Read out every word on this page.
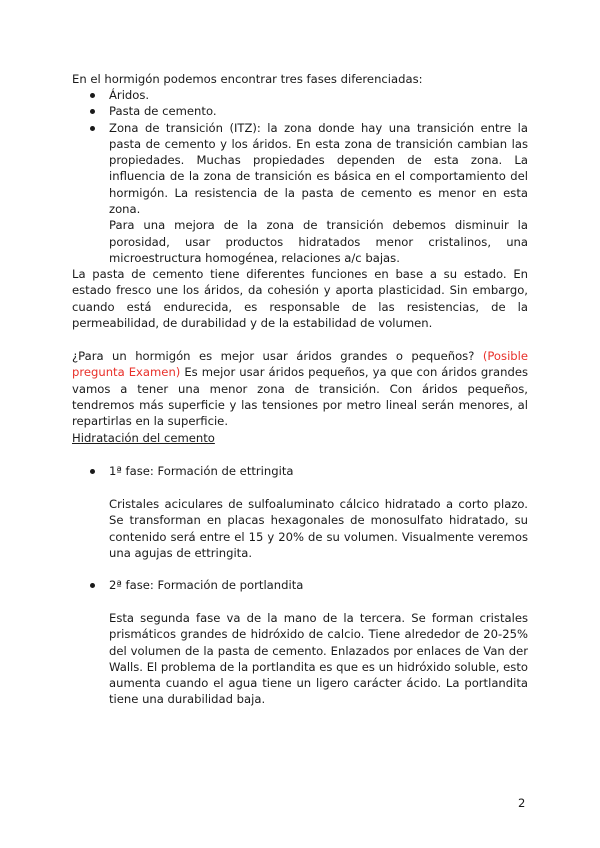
En el hormigón podemos encontrar tres fases diferenciadas:

Áridos.
Pasta de cemento.
Zona de transición (ITZ): la zona donde hay una transición entre la pasta de cemento y los áridos. En esta zona de transición cambian las propiedades. Muchas propiedades dependen de esta zona. La influencia de la zona de transición es básica en el comportamiento del hormigón. La resistencia de la pasta de cemento es menor en esta zona.
Para una mejora de la zona de transición debemos disminuir la porosidad, usar productos hidratados menor cristalinos, una microestructura homogénea, relaciones a/c bajas.

La pasta de cemento tiene diferentes funciones en base a su estado. En estado fresco une los áridos, da cohesión y aporta plasticidad. Sin embargo, cuando está endurecida, es responsable de las resistencias, de la permeabilidad, de durabilidad y de la estabilidad de volumen.

¿Para un hormigón es mejor usar áridos grandes o pequeños? (Posible pregunta Examen) Es mejor usar áridos pequeños, ya que con áridos grandes vamos a tener una menor zona de transición. Con áridos pequeños, tendremos más superficie y las tensiones por metro lineal serán menores, al repartirlas en la superficie.

Hidratación del cemento
1ª fase: Formación de ettringita

Cristales aciculares de sulfoaluminato cálcico hidratado a corto plazo. Se transforman en placas hexagonales de monosulfato hidratado, su contenido será entre el 15 y 20% de su volumen. Visualmente veremos una agujas de ettringita.

2ª fase: Formación de portlandita

Esta segunda fase va de la mano de la tercera. Se forman cristales prismáticos grandes de hidróxido de calcio. Tiene alrededor de 20-25% del volumen de la pasta de cemento. Enlazados por enlaces de Van der Walls. El problema de la portlandita es que es un hidróxido soluble, esto aumenta cuando el agua tiene un ligero carácter ácido. La portlandita tiene una durabilidad baja.

2
